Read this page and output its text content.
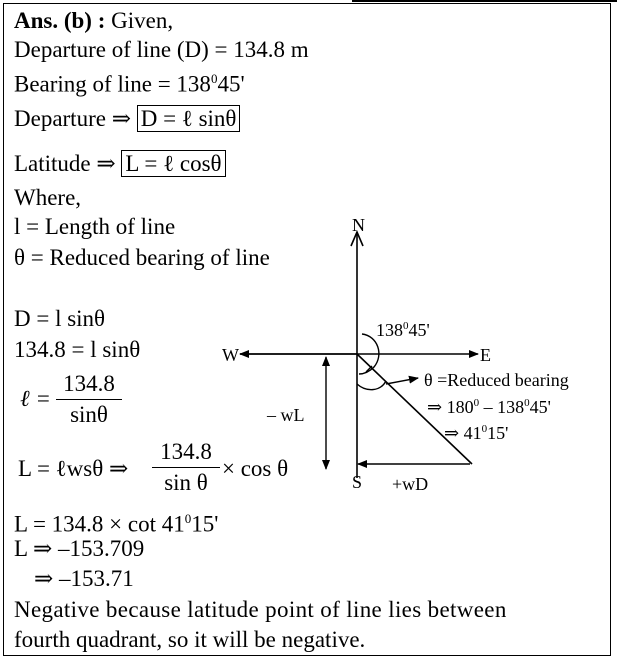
Ans. (b) : Given,
Departure of line (D) = 134.8 m
Bearing of line = $138^045'$
Departure ⇒ D = ℓ sinθ
Latitude ⇒ L = ℓ cosθ
Where,
l = Length of line
θ = Reduced bearing of line
D = l sinθ
134.8 = l sinθ
ℓ =
134.8
sinθ
L = ℓwsθ ⇒
134.8
sin θ
× cos θ
$L = 134.8 \times \cot 41^015'$
L ⇒ –153.709
⇒ –153.71
Negative because latitude point of line lies between
fourth quadrant, so it will be negative.
N
E
W
S
$138^045'$
θ =Reduced bearing
⇒ $180^0 - 138^045'$
⇒ $41^015'$
– wL
+wD
